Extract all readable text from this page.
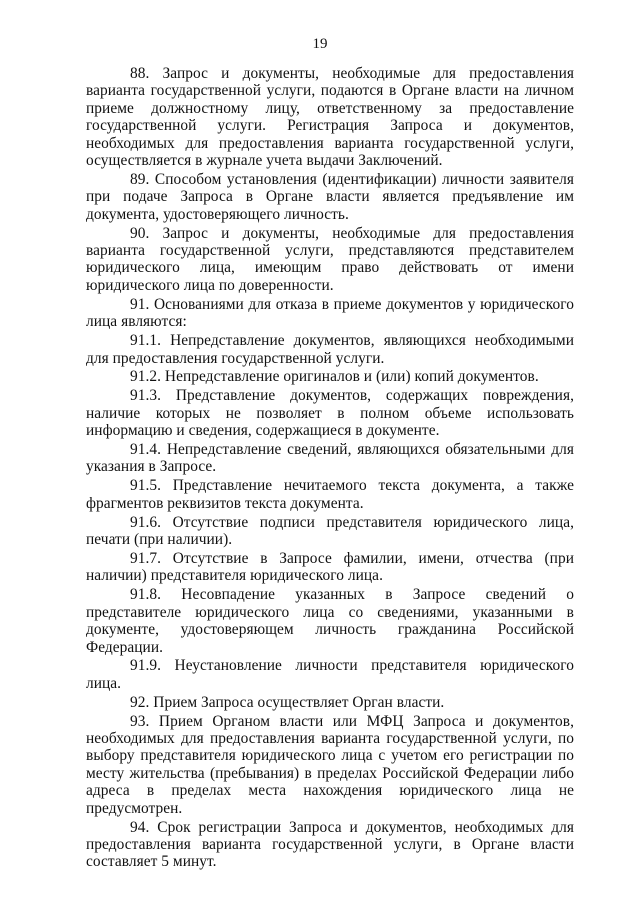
19

88. Запрос и документы, необходимые для предоставления варианта государственной услуги, подаются в Органе власти на личном приеме должностному лицу, ответственному за предоставление государственной услуги. Регистрация Запроса и документов, необходимых для предоставления варианта государственной услуги, осуществляется в журнале учета выдачи Заключений.

89. Способом установления (идентификации) личности заявителя при подаче Запроса в Органе власти является предъявление им документа, удостоверяющего личность.

90. Запрос и документы, необходимые для предоставления варианта государственной услуги, представляются представителем юридического лица, имеющим право действовать от имени юридического лица по доверенности.

91. Основаниями для отказа в приеме документов у юридического лица являются:

91.1. Непредставление документов, являющихся необходимыми для предоставления государственной услуги.

91.2. Непредставление оригиналов и (или) копий документов.

91.3. Представление документов, содержащих повреждения, наличие которых не позволяет в полном объеме использовать информацию и сведения, содержащиеся в документе.

91.4. Непредставление сведений, являющихся обязательными для указания в Запросе.

91.5. Представление нечитаемого текста документа, а также фрагментов реквизитов текста документа.

91.6. Отсутствие подписи представителя юридического лица, печати (при наличии).

91.7. Отсутствие в Запросе фамилии, имени, отчества (при наличии) представителя юридического лица.

91.8. Несовпадение указанных в Запросе сведений о представителе юридического лица со сведениями, указанными в документе, удостоверяющем личность гражданина Российской Федерации.

91.9. Неустановление личности представителя юридического лица.

92. Прием Запроса осуществляет Орган власти.

93. Прием Органом власти или МФЦ Запроса и документов, необходимых для предоставления варианта государственной услуги, по выбору представителя юридического лица с учетом его регистрации по месту жительства (пребывания) в пределах Российской Федерации либо адреса в пределах места нахождения юридического лица не предусмотрен.

94. Срок регистрации Запроса и документов, необходимых для предоставления варианта государственной услуги, в Органе власти составляет 5 минут.
